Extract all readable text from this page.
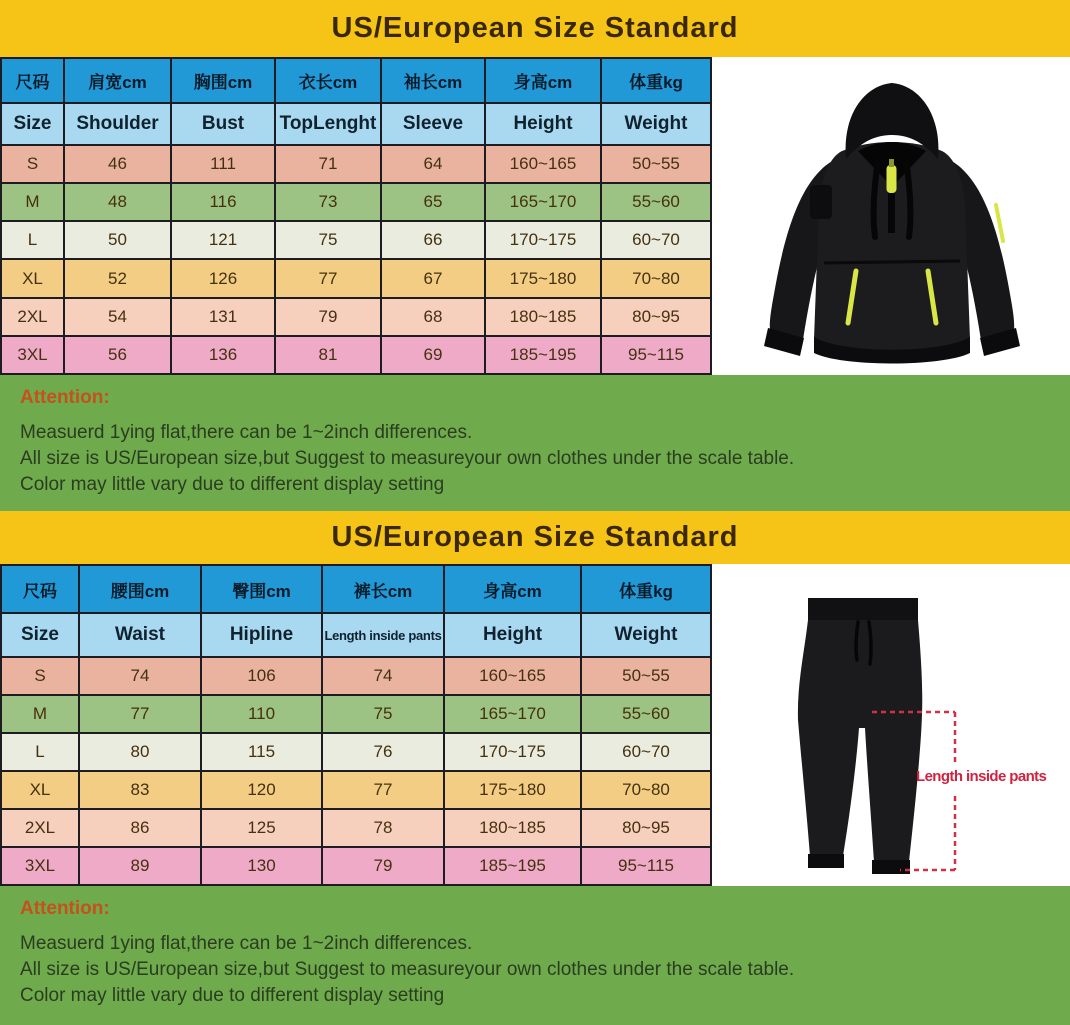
US/European Size Standard
尺码	肩宽cm	胸围cm	衣长cm	袖长cm	身高cm	体重kg
Size	Shoulder	Bust	TopLenght	Sleeve	Height	Weight
S	46	111	71	64	160~165	50~55
M	48	116	73	65	165~170	55~60
L	50	121	75	66	170~175	60~70
XL	52	126	77	67	175~180	70~80
2XL	54	131	79	68	180~185	80~95
3XL	56	136	81	69	185~195	95~115
Attention:
Measuerd 1ying flat,there can be 1~2inch differences.
All size is US/European size,but Suggest to measureyour own clothes under the scale table.
Color may little vary due to different display setting
US/European Size Standard
尺码	腰围cm	臀围cm	裤长cm	身高cm	体重kg
Size	Waist	Hipline	Length inside pants	Height	Weight
S	74	106	74	160~165	50~55
M	77	110	75	165~170	55~60
L	80	115	76	170~175	60~70
XL	83	120	77	175~180	70~80
2XL	86	125	78	180~185	80~95
3XL	89	130	79	185~195	95~115
Length inside pants
Attention:
Measuerd 1ying flat,there can be 1~2inch differences.
All size is US/European size,but Suggest to measureyour own clothes under the scale table.
Color may little vary due to different display setting
